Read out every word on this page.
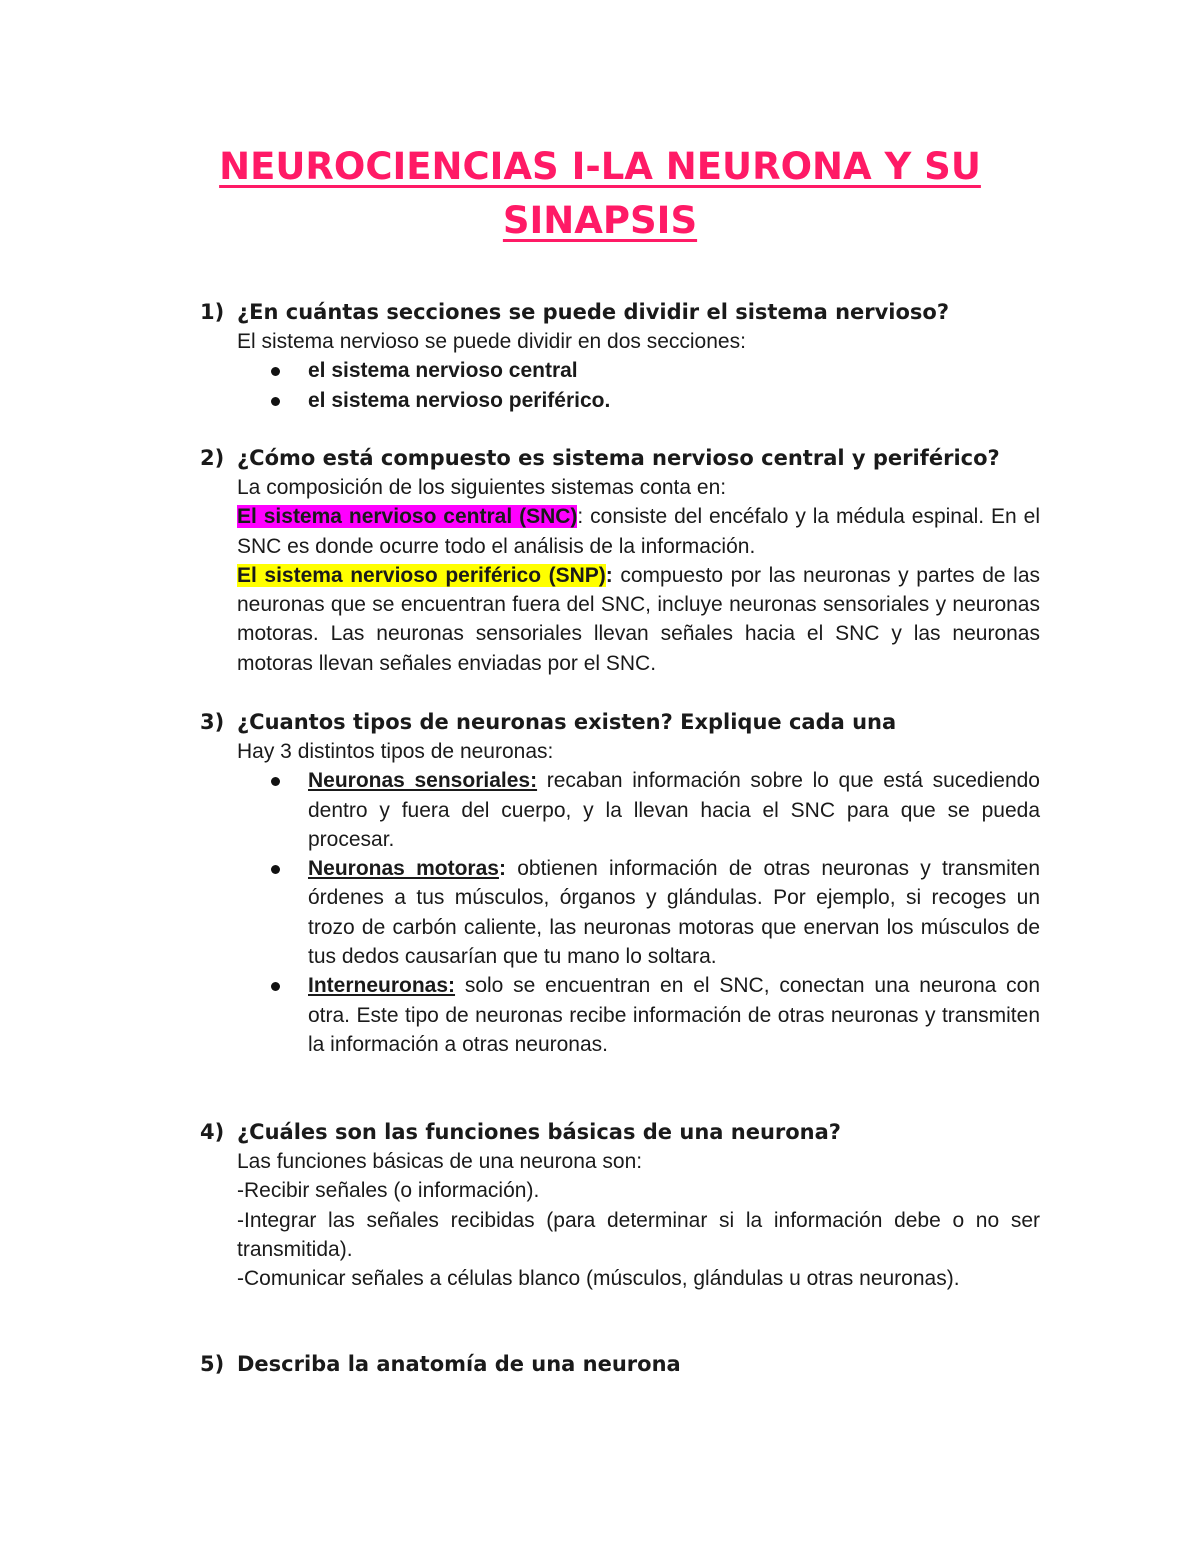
NEUROCIENCIAS I-LA NEURONA Y SU SINAPSIS
1) ¿En cuántas secciones se puede dividir el sistema nervioso?
El sistema nervioso se puede dividir en dos secciones:
el sistema nervioso central
el sistema nervioso periférico.
2) ¿Cómo está compuesto es sistema nervioso central y periférico?
La composición de los siguientes sistemas conta en:
El sistema nervioso central (SNC): consiste del encéfalo y la médula espinal. En el SNC es donde ocurre todo el análisis de la información.
El sistema nervioso periférico (SNP): compuesto por las neuronas y partes de las neuronas que se encuentran fuera del SNC, incluye neuronas sensoriales y neuronas motoras. Las neuronas sensoriales llevan señales hacia el SNC y las neuronas motoras llevan señales enviadas por el SNC.
3) ¿Cuantos tipos de neuronas existen? Explique cada una
Hay 3 distintos tipos de neuronas:
Neuronas sensoriales: recaban información sobre lo que está sucediendo dentro y fuera del cuerpo, y la llevan hacia el SNC para que se pueda procesar.
Neuronas motoras: obtienen información de otras neuronas y transmiten órdenes a tus músculos, órganos y glándulas. Por ejemplo, si recoges un trozo de carbón caliente, las neuronas motoras que enervan los músculos de tus dedos causarían que tu mano lo soltara.
Interneuronas: solo se encuentran en el SNC, conectan una neurona con otra. Este tipo de neuronas recibe información de otras neuronas y transmiten la información a otras neuronas.
4) ¿Cuáles son las funciones básicas de una neurona?
Las funciones básicas de una neurona son:
-Recibir señales (o información).
-Integrar las señales recibidas (para determinar si la información debe o no ser transmitida).
-Comunicar señales a células blanco (músculos, glándulas u otras neuronas).
5) Describa la anatomía de una neurona
